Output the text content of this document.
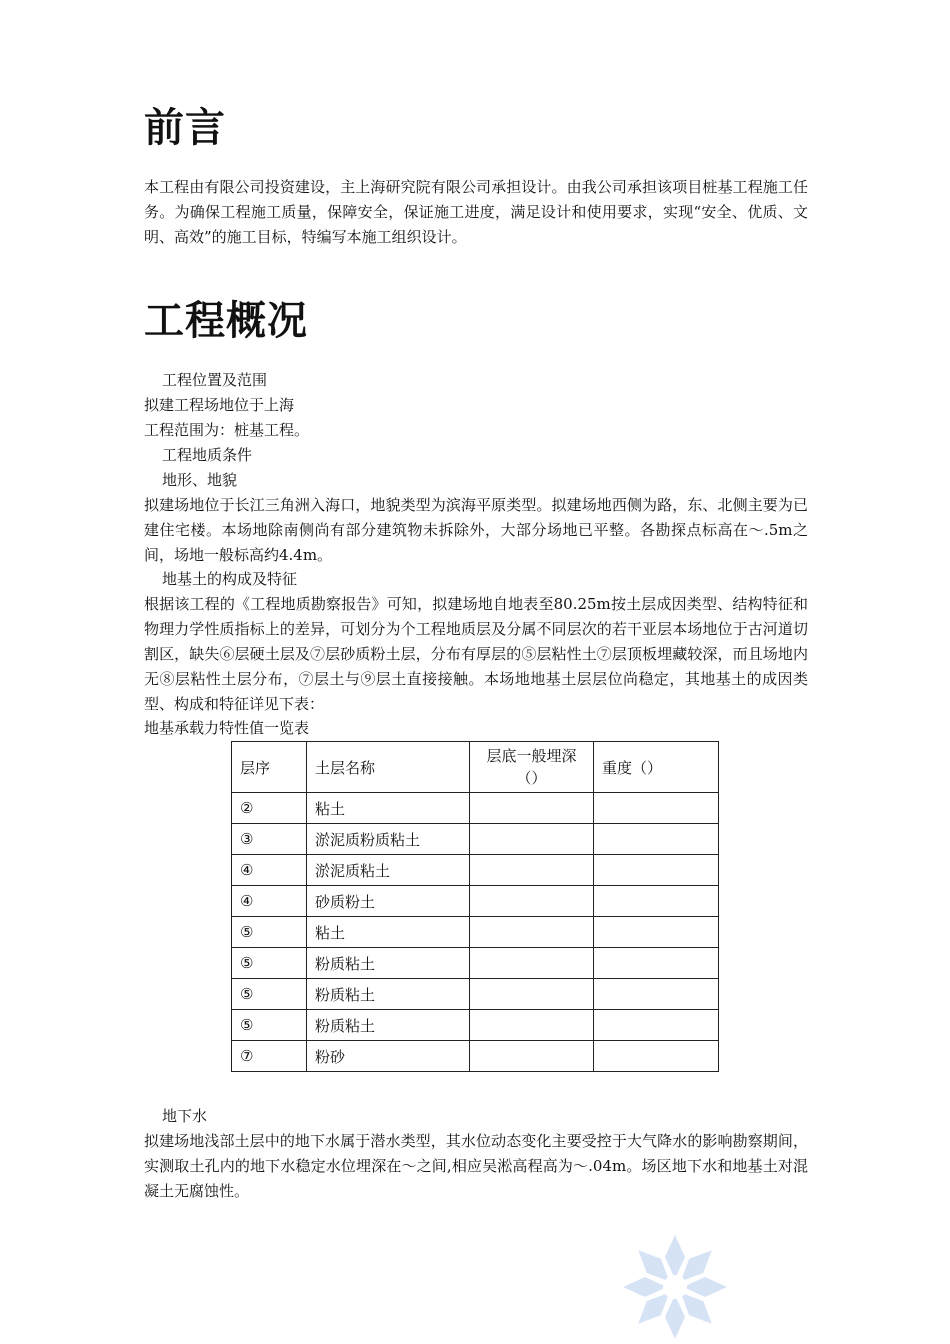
前言

本工程由有限公司投资建设，主上海研究院有限公司承担设计。由我公司承担该项目桩基工程施工任务。为确保工程施工质量，保障安全，保证施工进度，满足设计和使用要求，实现“安全、优质、文明、高效”的施工目标，特编写本施工组织设计。

工程概况
工程位置及范围
拟建工程场地位于上海
工程范围为：桩基工程。
工程地质条件
地形、地貌

拟建场地位于长江三角洲入海口，地貌类型为滨海平原类型。拟建场地西侧为路，东、北侧主要为已建住宅楼。本场地除南侧尚有部分建筑物未拆除外，大部分场地已平整。各勘探点标高在～.5m之间，场地一般标高约4.4m。

地基土的构成及特征

根据该工程的《工程地质勘察报告》可知，拟建场地自地表至80.25m按土层成因类型、结构特征和物理力学性质指标上的差异，可划分为个工程地质层及分属不同层次的若干亚层本场地位于古河道切割区，缺失⑥层硬土层及⑦层砂质粉土层，分布有厚层的⑤层粘性土⑦层顶板埋藏较深，而且场地内无⑧层粘性土层分布，⑦层土与⑨层土直接接触。本场地地基土层层位尚稳定，其地基土的成因类型、构成和特征详见下表：

地基承载力特性值一览表
层序	土层名称	层底一般埋深（）	重度（）
②	粘土		
③	淤泥质粉质粘土		
④	淤泥质粘土		
④	砂质粉土		
⑤	粘土		
⑤	粉质粘土		
⑤	粉质粘土		
⑤	粉质粘土		
⑦	粉砂		
地下水

拟建场地浅部土层中的地下水属于潜水类型，其水位动态变化主要受控于大气降水的影响勘察期间，实测取土孔内的地下水稳定水位埋深在～之间,相应吴淞高程高为～.04m。场区地下水和地基土对混凝土无腐蚀性。
